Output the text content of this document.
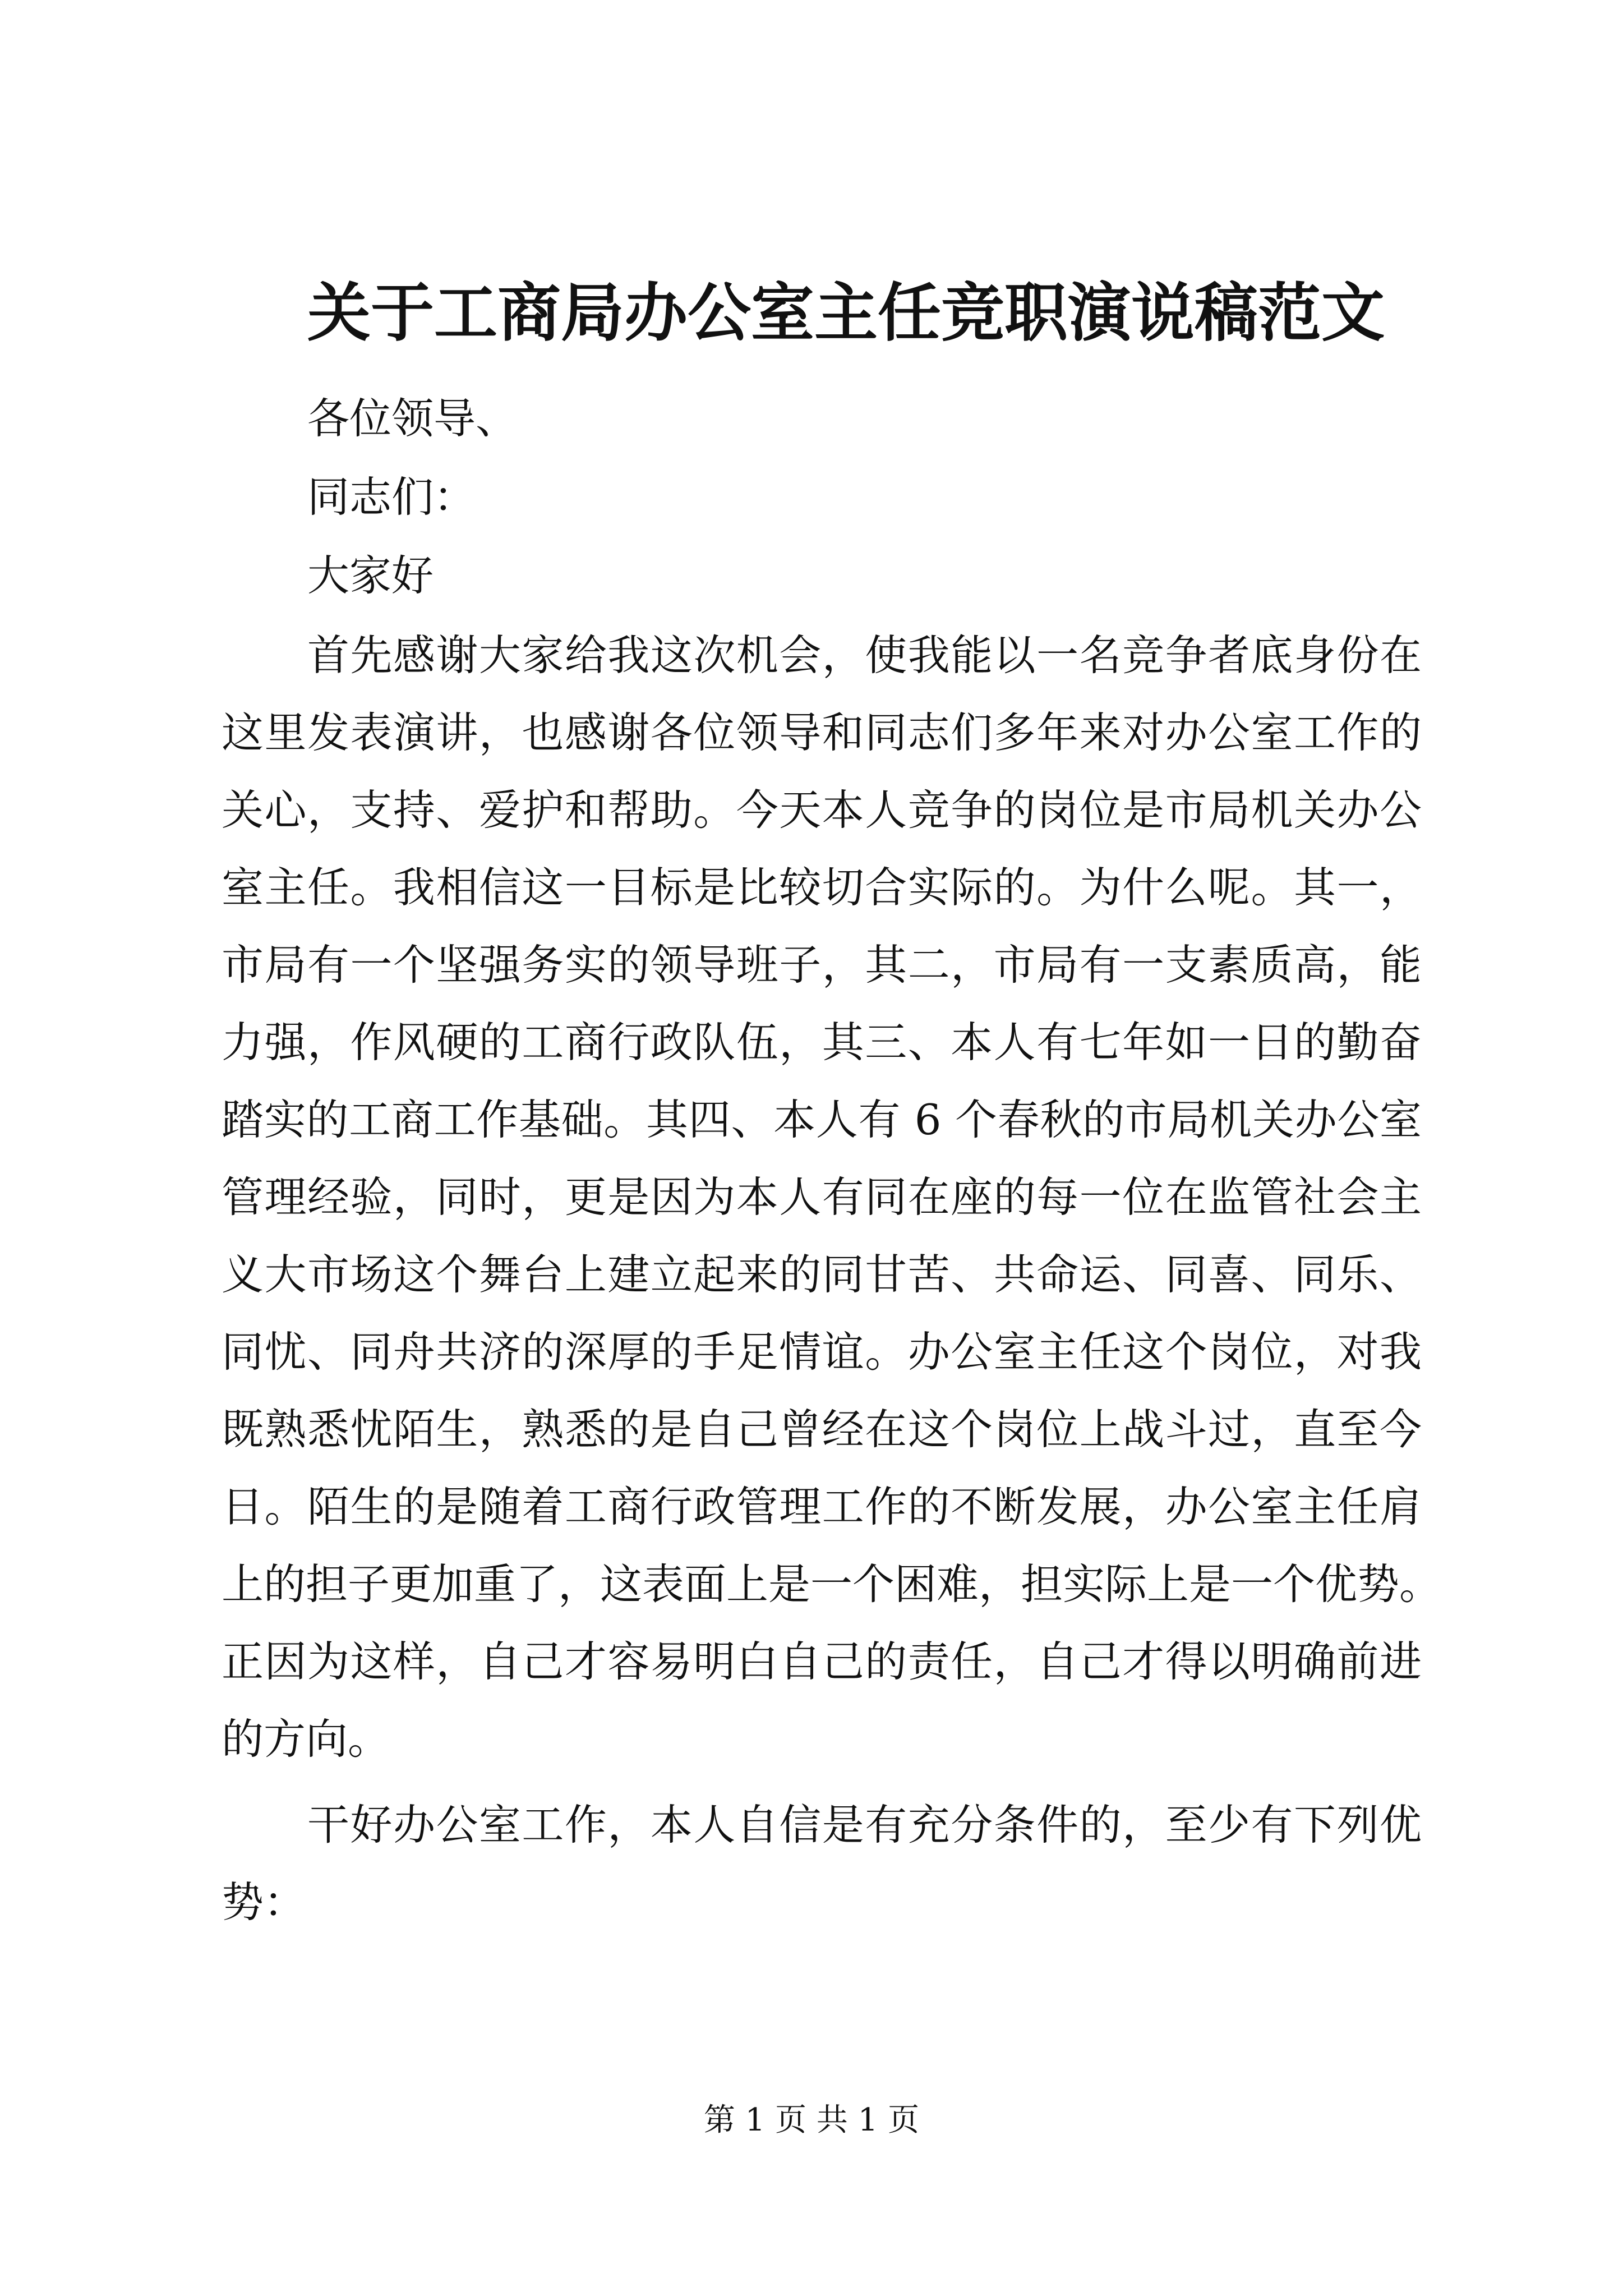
关于工商局办公室主任竞职演说稿范文
各位领导、
同志们：
大家好
首先感谢大家给我这次机会，使我能以一名竞争者底身份在
这里发表演讲，也感谢各位领导和同志们多年来对办公室工作的
关心，支持、爱护和帮助。今天本人竞争的岗位是市局机关办公
室主任。我相信这一目标是比较切合实际的。为什么呢。其一，
市局有一个坚强务实的领导班子，其二，市局有一支素质高，能
力强，作风硬的工商行政队伍，其三、本人有七年如一日的勤奋
踏实的工商工作基础。其四、本人有 6 个春秋的市局机关办公室
管理经验，同时，更是因为本人有同在座的每一位在监管社会主
义大市场这个舞台上建立起来的同甘苦、共命运、同喜、同乐、
同忧、同舟共济的深厚的手足情谊。办公室主任这个岗位，对我
既熟悉忧陌生，熟悉的是自己曾经在这个岗位上战斗过，直至今
日。陌生的是随着工商行政管理工作的不断发展，办公室主任肩
上的担子更加重了，这表面上是一个困难，担实际上是一个优势。
正因为这样，自己才容易明白自己的责任，自己才得以明确前进
的方向。
干好办公室工作，本人自信是有充分条件的，至少有下列优
势：
第 1 页 共 1 页
